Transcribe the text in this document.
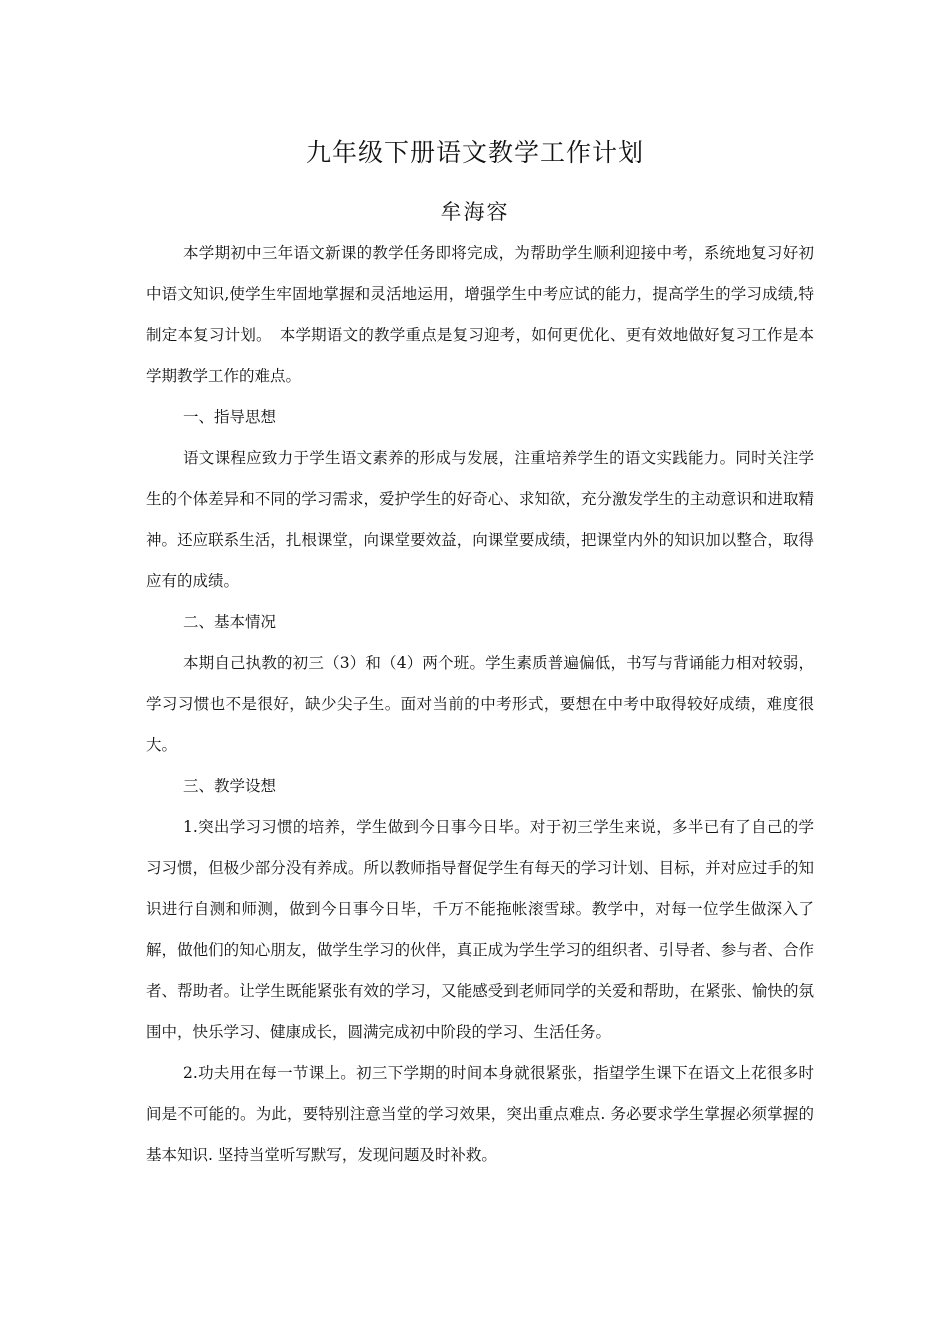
九年级下册语文教学工作计划

牟海容

本学期初中三年语文新课的教学任务即将完成，为帮助学生顺利迎接中考，系统地复习好初中语文知识,使学生牢固地掌握和灵活地运用，增强学生中考应试的能力，提高学生的学习成绩,特制定本复习计划。　本学期语文的教学重点是复习迎考，如何更优化、更有效地做好复习工作是本学期教学工作的难点。

一、指导思想

语文课程应致力于学生语文素养的形成与发展，注重培养学生的语文实践能力。同时关注学生的个体差异和不同的学习需求，爱护学生的好奇心、求知欲，充分激发学生的主动意识和进取精神。还应联系生活，扎根课堂，向课堂要效益，向课堂要成绩，把课堂内外的知识加以整合，取得应有的成绩。

二、基本情况

本期自己执教的初三（3）和（4）两个班。学生素质普遍偏低，书写与背诵能力相对较弱，学习习惯也不是很好，缺少尖子生。面对当前的中考形式，要想在中考中取得较好成绩，难度很大。

三、教学设想

1.突出学习习惯的培养，学生做到今日事今日毕。对于初三学生来说，多半已有了自己的学习习惯，但极少部分没有养成。所以教师指导督促学生有每天的学习计划、目标，并对应过手的知识进行自测和师测，做到今日事今日毕，千万不能拖帐滚雪球。教学中，对每一位学生做深入了解，做他们的知心朋友，做学生学习的伙伴，真正成为学生学习的组织者、引导者、参与者、合作者、帮助者。让学生既能紧张有效的学习，又能感受到老师同学的关爱和帮助，在紧张、愉快的氛围中，快乐学习、健康成长，圆满完成初中阶段的学习、生活任务。

2.功夫用在每一节课上。初三下学期的时间本身就很紧张，指望学生课下在语文上花很多时间是不可能的。为此，要特别注意当堂的学习效果，突出重点难点. 务必要求学生掌握必须掌握的基本知识. 坚持当堂听写默写，发现问题及时补救。
